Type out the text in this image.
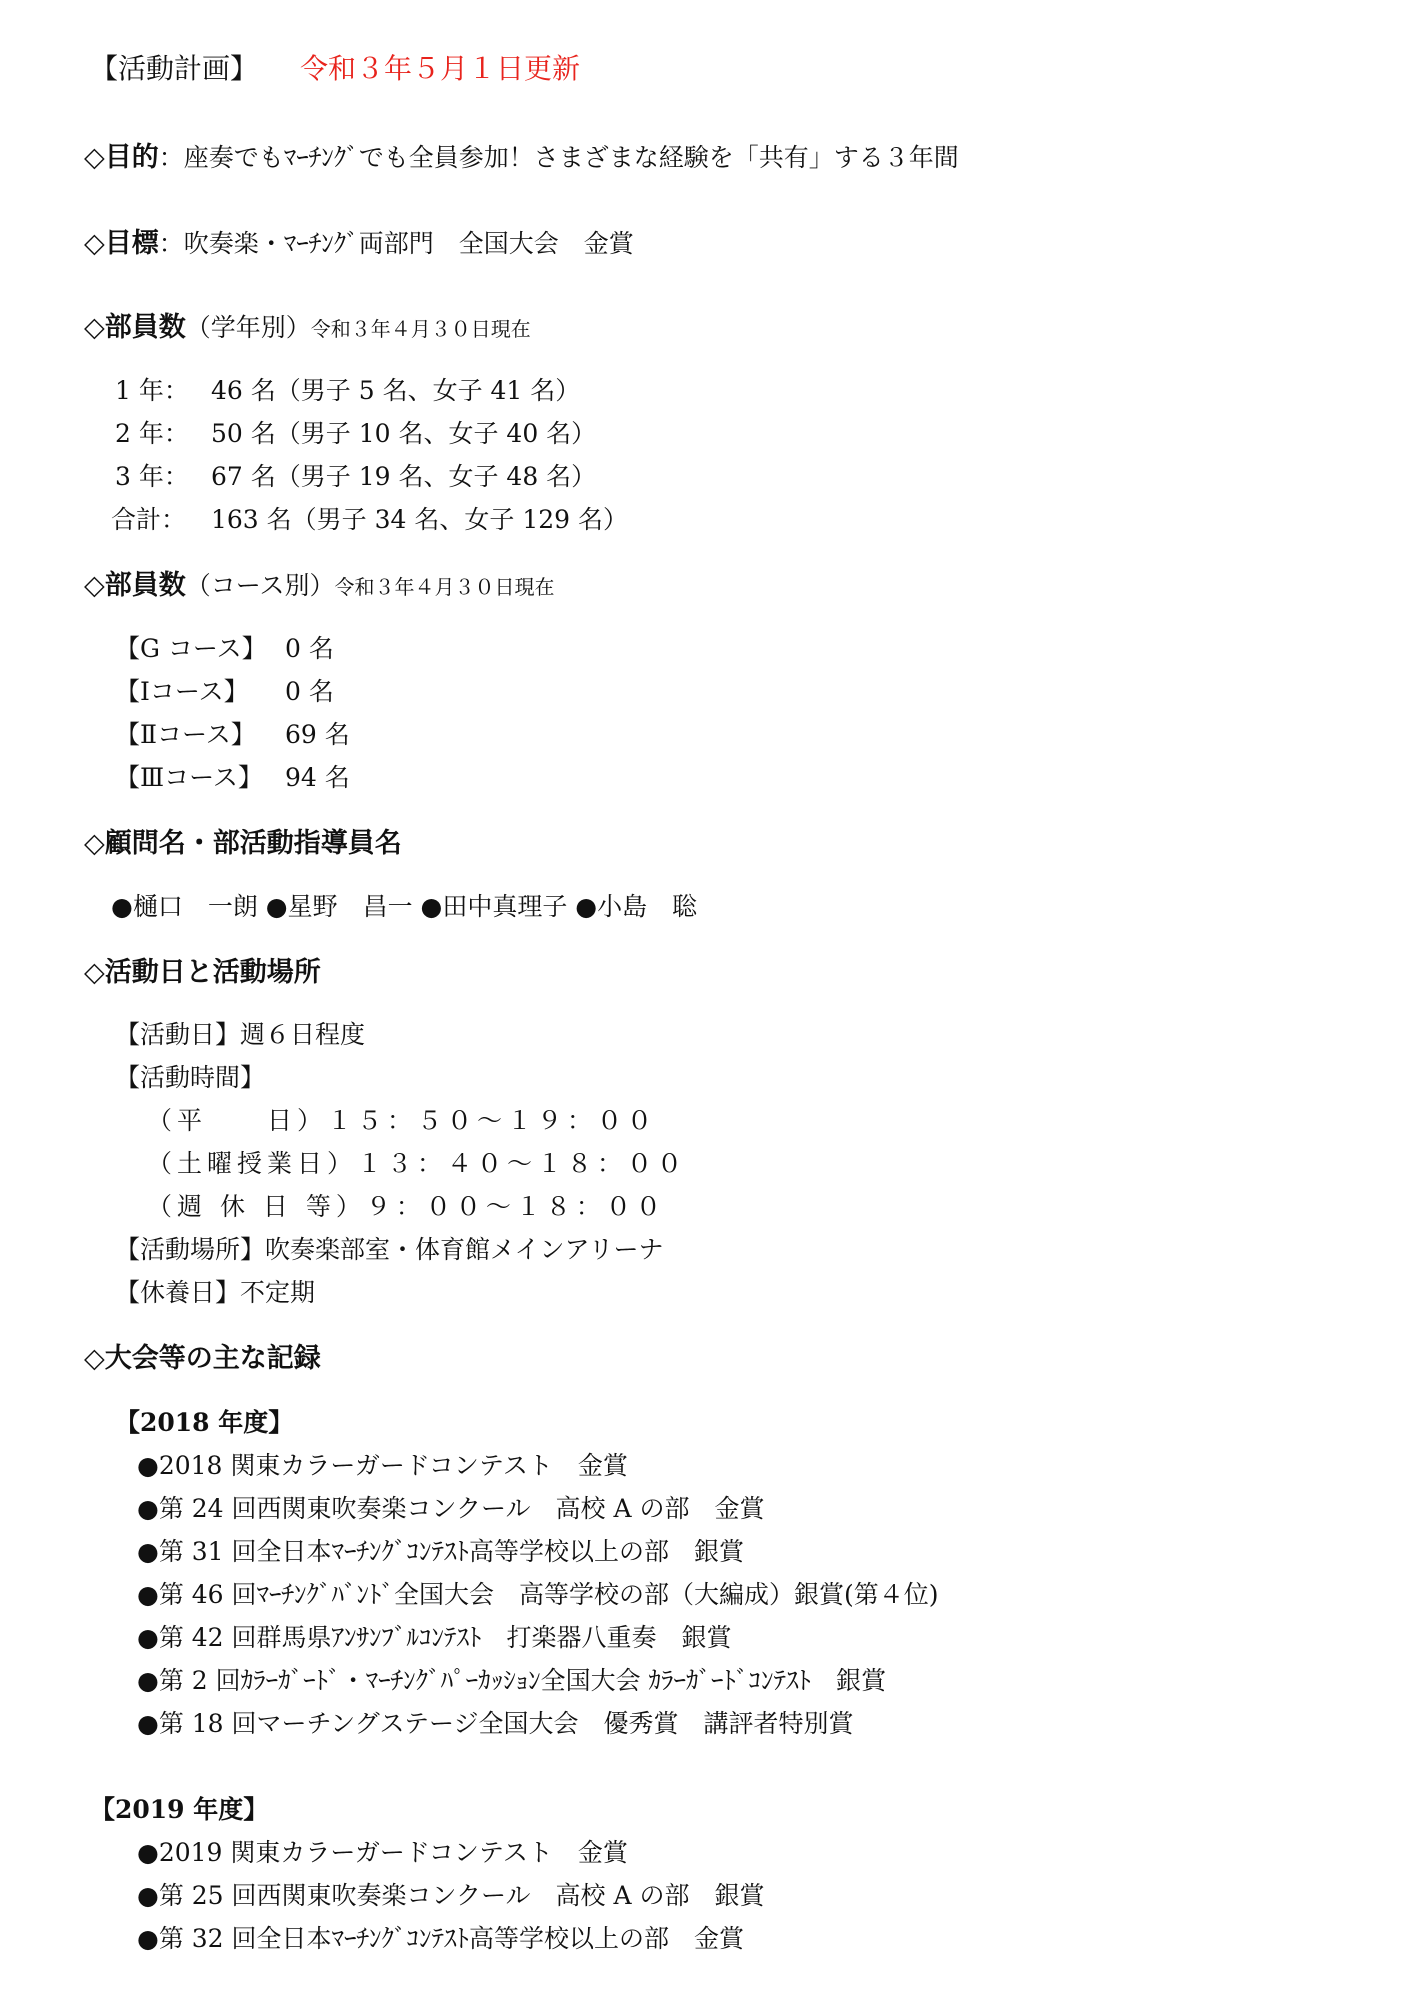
【活動計画】 令和３年５月１日更新
◇目的：座奏でもﾏｰﾁﾝｸﾞでも全員参加！さまざまな経験を「共有」する３年間
◇目標：吹奏楽・ﾏｰﾁﾝｸﾞ両部門　全国大会　金賞
◇部員数（学年別）令和３年４月３０日現在
1 年： 46 名（男子 5 名、女子 41 名）
2 年： 50 名（男子 10 名、女子 40 名）
3 年： 67 名（男子 19 名、女子 48 名）
合計： 163 名（男子 34 名、女子 129 名）
◇部員数（コース別）令和３年４月３０日現在
【G コース】 0 名
【Ⅰコース】 0 名
【Ⅱコース】 69 名
【Ⅲコース】 94 名
◇顧問名・部活動指導員名
●樋口　一朗 ●星野　昌一 ●田中真理子 ●小島　聡
◇活動日と活動場所
【活動日】週６日程度
【活動時間】
（平　　日）１５：５０～１９：００
（土曜授業日）１３：４０～１８：００
（週 休 日 等）９：００～１８：００
【活動場所】吹奏楽部室・体育館メインアリーナ
【休養日】不定期
◇大会等の主な記録
【2018 年度】
●2018 関東カラーガードコンテスト　金賞
●第 24 回西関東吹奏楽コンクール　高校 A の部　金賞
●第 31 回全日本ﾏｰﾁﾝｸﾞｺﾝﾃｽﾄ高等学校以上の部　銀賞
●第 46 回ﾏｰﾁﾝｸﾞﾊﾞﾝﾄﾞ全国大会　高等学校の部（大編成）銀賞(第４位)
●第 42 回群馬県ｱﾝｻﾝﾌﾞﾙｺﾝﾃｽﾄ　打楽器八重奏　銀賞
●第 2 回ｶﾗｰｶﾞｰﾄﾞ・ﾏｰﾁﾝｸﾞﾊﾟｰｶｯｼｮﾝ全国大会 ｶﾗｰｶﾞｰﾄﾞｺﾝﾃｽﾄ　銀賞
●第 18 回マーチングステージ全国大会　優秀賞　講評者特別賞
【2019 年度】
●2019 関東カラーガードコンテスト　金賞
●第 25 回西関東吹奏楽コンクール　高校 A の部　銀賞
●第 32 回全日本ﾏｰﾁﾝｸﾞｺﾝﾃｽﾄ高等学校以上の部　金賞
